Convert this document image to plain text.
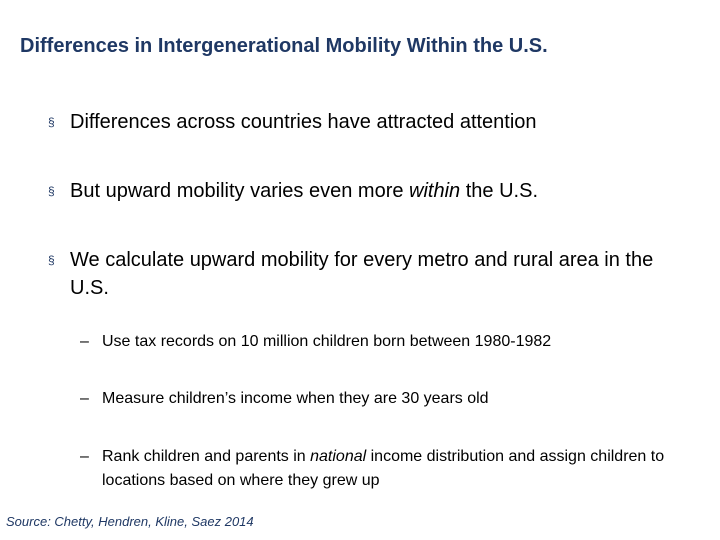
Differences in Intergenerational Mobility Within the U.S.
§ Differences across countries have attracted attention
§ But upward mobility varies even more within the U.S.
§ We calculate upward mobility for every metro and rural area in the U.S.
– Use tax records on 10 million children born between 1980-1982
– Measure children’s income when they are 30 years old
– Rank children and parents in national income distribution and assign children to locations based on where they grew up
Source: Chetty, Hendren, Kline, Saez 2014
